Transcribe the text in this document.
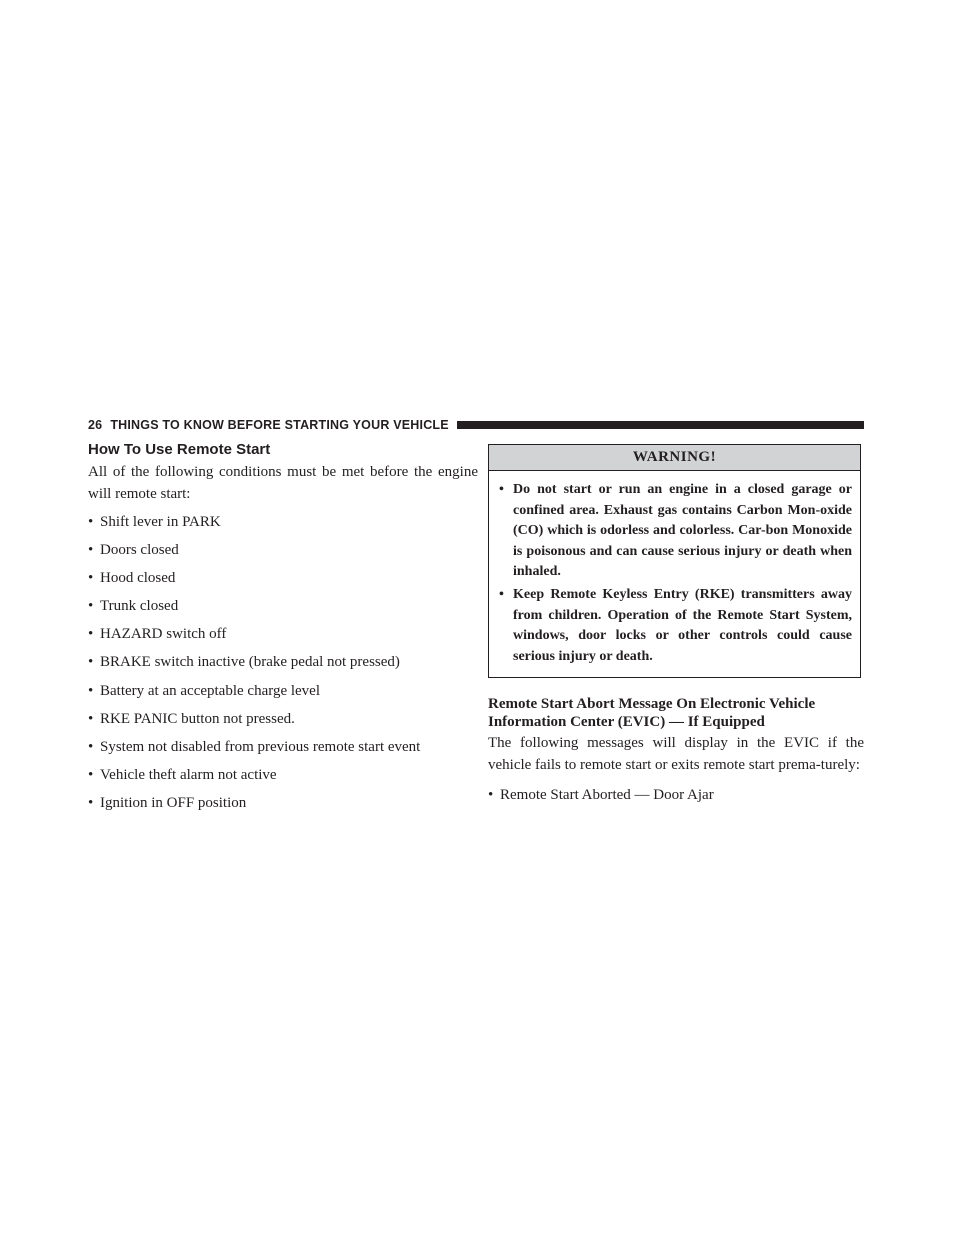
26 THINGS TO KNOW BEFORE STARTING YOUR VEHICLE
How To Use Remote Start

All of the following conditions must be met before the engine will remote start:

• Shift lever in PARK
• Doors closed
• Hood closed
• Trunk closed
• HAZARD switch off
• BRAKE switch inactive (brake pedal not pressed)
• Battery at an acceptable charge level
• RKE PANIC button not pressed.
• System not disabled from previous remote start event
• Vehicle theft alarm not active
• Ignition in OFF position
WARNING!
• Do not start or run an engine in a closed garage or confined area. Exhaust gas contains Carbon Mon-oxide (CO) which is odorless and colorless. Car-bon Monoxide is poisonous and can cause serious injury or death when inhaled.
• Keep Remote Keyless Entry (RKE) transmitters away from children. Operation of the Remote Start System, windows, door locks or other controls could cause serious injury or death.
Remote Start Abort Message On Electronic Vehicle
Information Center (EVIC) — If Equipped

The following messages will display in the EVIC if the vehicle fails to remote start or exits remote start prema-turely:

• Remote Start Aborted — Door Ajar
